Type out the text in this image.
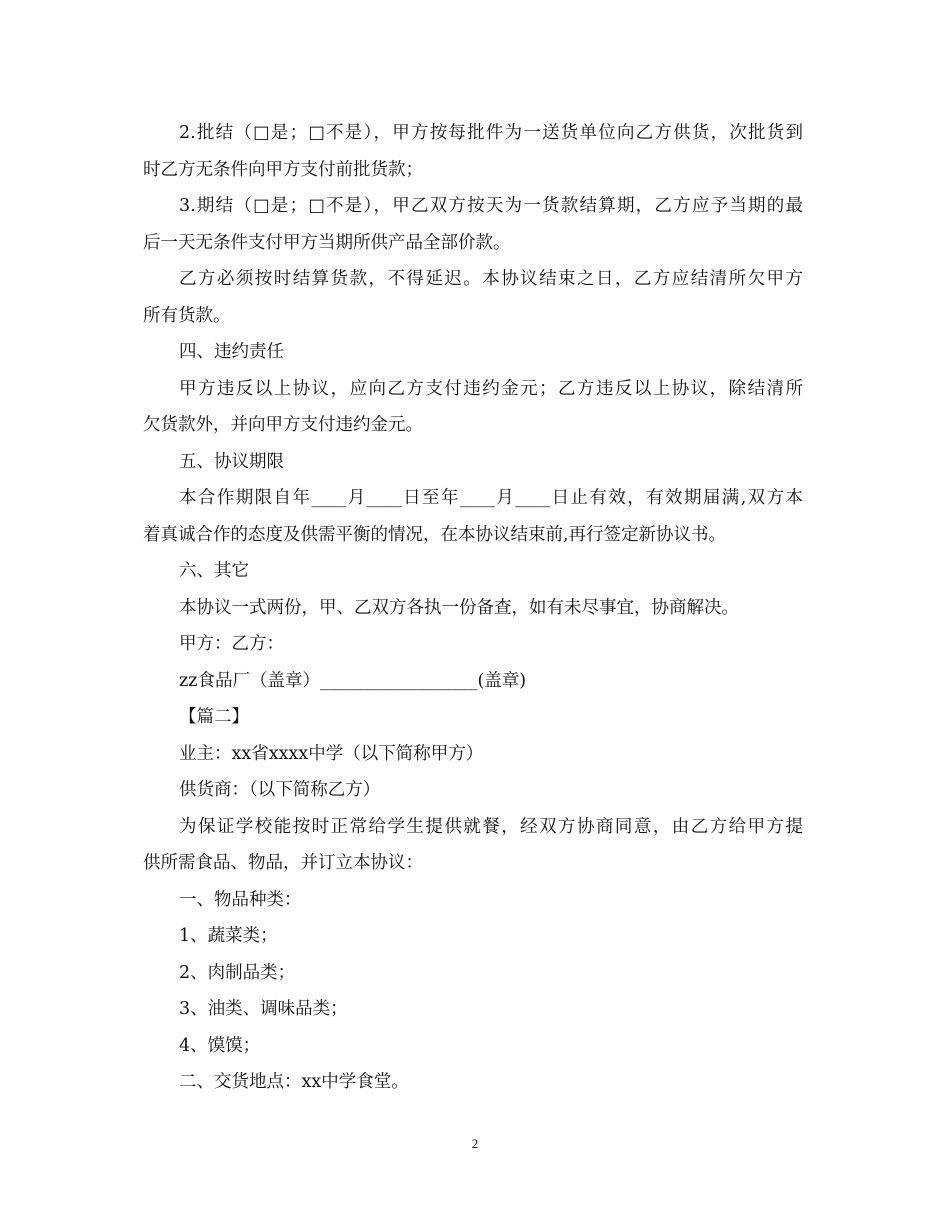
2.批结（□是；□不是），甲方按每批件为一送货单位向乙方供货，次批货到

时乙方无条件向甲方支付前批货款；

3.期结（□是；□不是），甲乙双方按天为一货款结算期，乙方应予当期的最

后一天无条件支付甲方当期所供产品全部价款。

乙方必须按时结算货款，不得延迟。本协议结束之日，乙方应结清所欠甲方

所有货款。

四、违约责任

甲方违反以上协议，应向乙方支付违约金元；乙方违反以上协议，除结清所

欠货款外，并向甲方支付违约金元。

五、协议期限

本合作期限自年____月____日至年____月____日止有效，有效期届满,双方本

着真诚合作的态度及供需平衡的情况，在本协议结束前,再行签定新协议书。

六、其它

本协议一式两份，甲、乙双方各执一份备查，如有未尽事宜，协商解决。

甲方：乙方：

zz食品厂（盖章）__________________(盖章)

【篇二】

业主：xx省xxxx中学（以下简称甲方）

供货商：（以下简称乙方）

为保证学校能按时正常给学生提供就餐，经双方协商同意，由乙方给甲方提

供所需食品、物品，并订立本协议：

一、物品种类：

1、蔬菜类；

2、肉制品类；

3、油类、调味品类；

4、馍馍；

二、交货地点：xx中学食堂。

2
